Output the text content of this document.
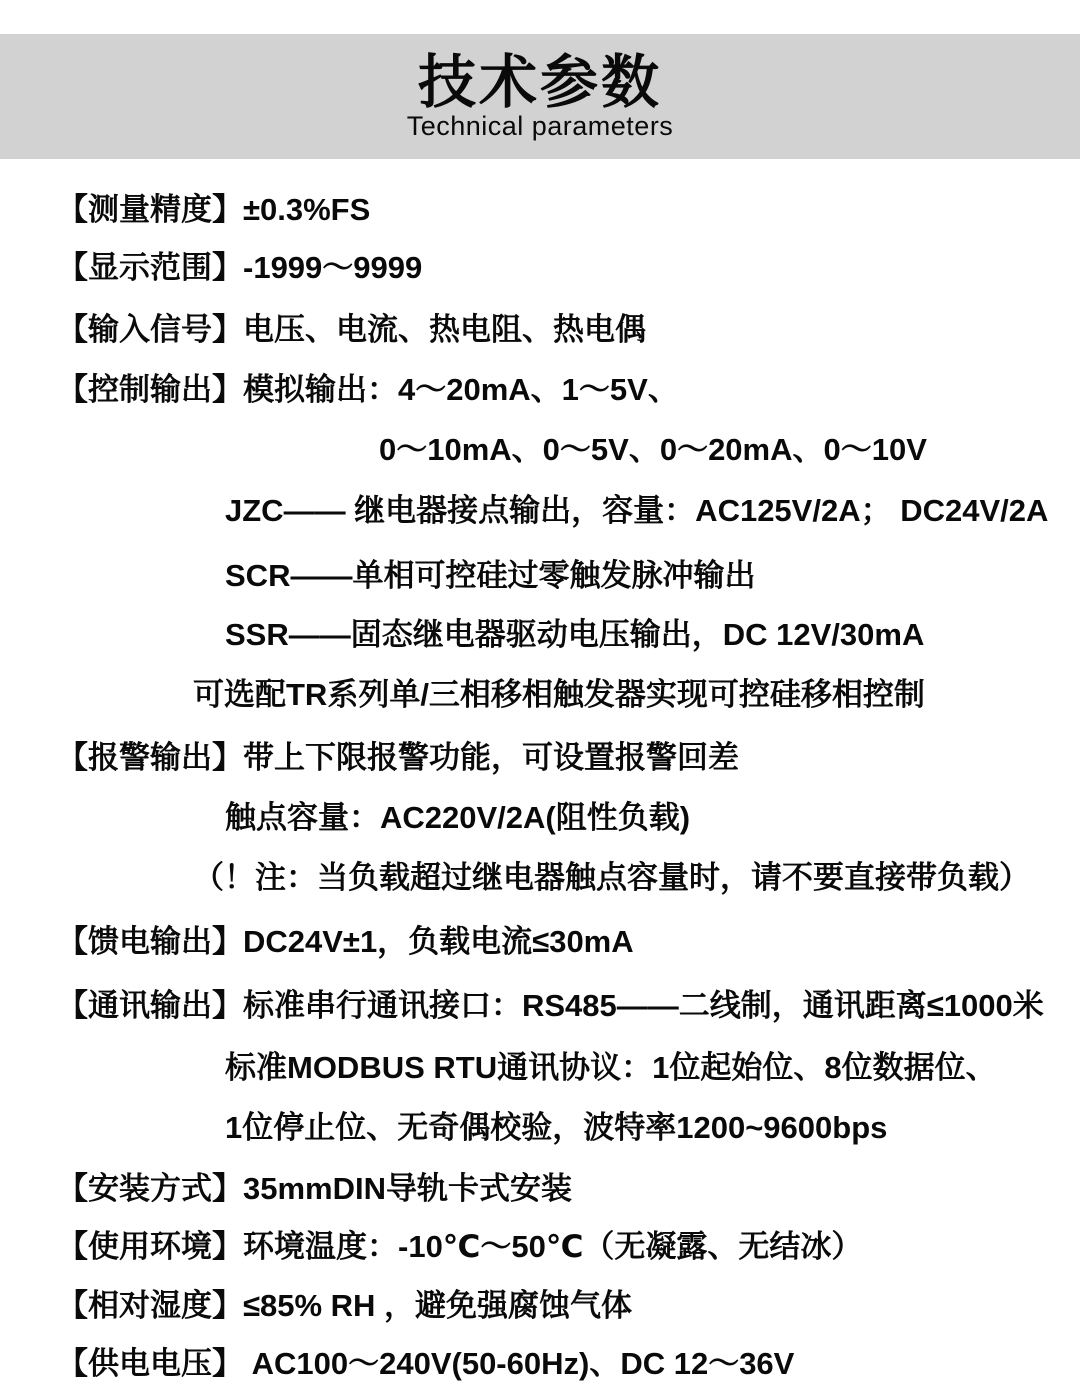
技术参数
Technical parameters
【测量精度】±0.3%FS
【显示范围】-1999～9999
【输入信号】电压、电流、热电阻、热电偶
【控制输出】模拟输出：4～20mA、1～5V、
0～10mA、0～5V、0～20mA、0～10V
JZC—— 继电器接点输出，容量：AC125V/2A； DC24V/2A
SCR——单相可控硅过零触发脉冲输出
SSR——固态继电器驱动电压输出，DC 12V/30mA
可选配TR系列单/三相移相触发器实现可控硅移相控制
【报警输出】带上下限报警功能，可设置报警回差
触点容量：AC220V/2A(阻性负载)
（！注：当负载超过继电器触点容量时，请不要直接带负载）
【馈电输出】DC24V±1，负载电流≤30mA
【通讯输出】标准串行通讯接口：RS485——二线制，通讯距离≤1000米
标准MODBUS RTU通讯协议：1位起始位、8位数据位、
1位停止位、无奇偶校验，波特率1200~9600bps
【安装方式】35mmDIN导轨卡式安装
【使用环境】环境温度：-10℃～50℃（无凝露、无结冰）
【相对湿度】≤85% RH ，避免强腐蚀气体
【供电电压】 AC100～240V(50-60Hz)、DC 12～36V
